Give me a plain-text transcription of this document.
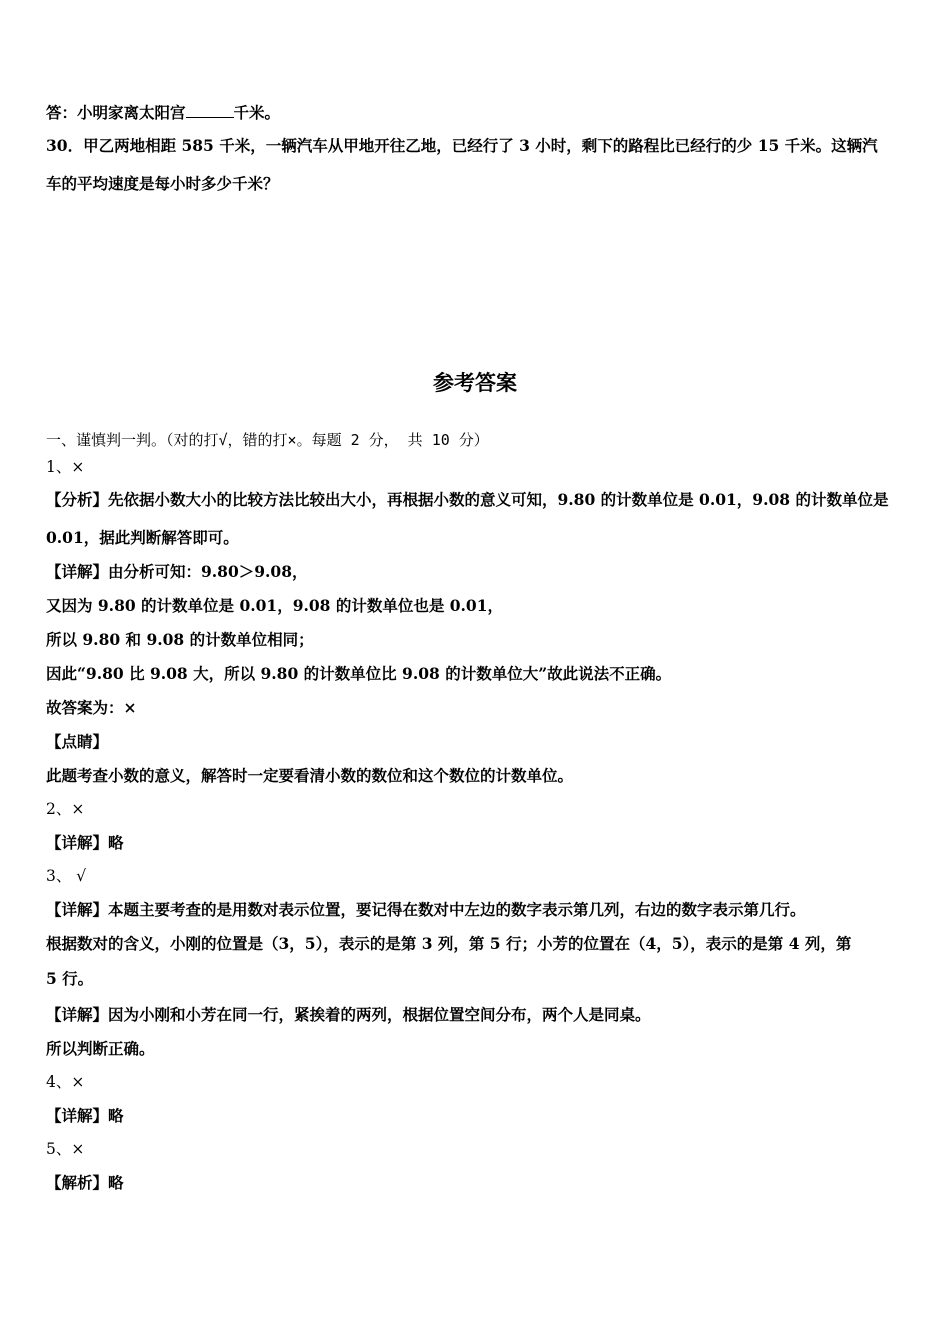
答：小明家离太阳宫	千米。
30．甲乙两地相距 585 千米，一辆汽车从甲地开往乙地，已经行了 3 小时，剩下的路程比已经行的少 15 千米。这辆汽
车的平均速度是每小时多少千米？
参考答案
一、谨慎判一判。（对的打√，错的打×。每题 2 分， 共 10 分）
1、×
【分析】先依据小数大小的比较方法比较出大小，再根据小数的意义可知，9.80 的计数单位是 0.01，9.08 的计数单位是
0.01，据此判断解答即可。
【详解】由分析可知：9.80＞9.08，
又因为 9.80 的计数单位是 0.01，9.08 的计数单位也是 0.01，
所以 9.80 和 9.08 的计数单位相同；
因此“9.80 比 9.08 大，所以 9.80 的计数单位比 9.08 的计数单位大”故此说法不正确。
故答案为：×
【点睛】
此题考查小数的意义，解答时一定要看清小数的数位和这个数位的计数单位。
2、×
【详解】略
3、 √
【详解】本题主要考查的是用数对表示位置，要记得在数对中左边的数字表示第几列，右边的数字表示第几行。
根据数对的含义，小刚的位置是（3，5），表示的是第 3 列，第 5 行；小芳的位置在（4，5），表示的是第 4 列，第
5 行。
【详解】因为小刚和小芳在同一行，紧挨着的两列，根据位置空间分布，两个人是同桌。
所以判断正确。
4、×
【详解】略
5、×
【解析】略
